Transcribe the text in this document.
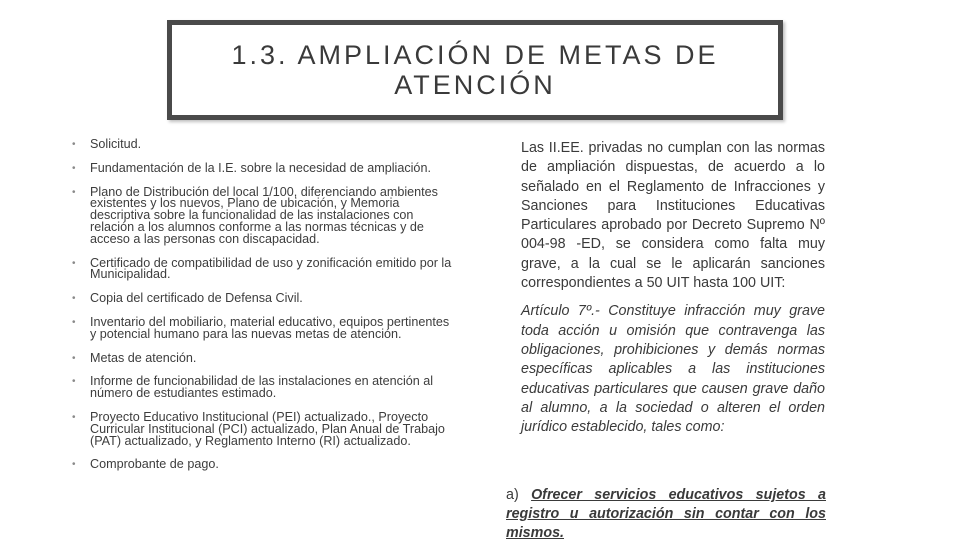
1.3. AMPLIACIÓN DE METAS DE ATENCIÓN
• Solicitud.
• Fundamentación de la I.E. sobre la necesidad de ampliación.
• Plano de Distribución del local 1/100, diferenciando ambientes existentes y los nuevos, Plano de ubicación, y Memoria descriptiva sobre la funcionalidad de las instalaciones con relación a los alumnos conforme a las normas técnicas y de acceso a las personas con discapacidad.
• Certificado de compatibilidad de uso y zonificación emitido por la Municipalidad.
• Copia del certificado de Defensa Civil.
• Inventario del mobiliario, material educativo, equipos pertinentes y potencial humano para las nuevas metas de atención.
• Metas de atención.
• Informe de funcionabilidad de las instalaciones en atención al número de estudiantes estimado.
• Proyecto Educativo Institucional (PEI) actualizado., Proyecto Curricular Institucional (PCI) actualizado, Plan Anual de Trabajo (PAT) actualizado, y Reglamento Interno (RI) actualizado.
• Comprobante de pago.

Las II.EE. privadas no cumplan con las normas de ampliación dispuestas, de acuerdo a lo señalado en el Reglamento de Infracciones y Sanciones para Instituciones Educativas Particulares aprobado por Decreto Supremo Nº 004-98 -ED, se considera como falta muy grave, a la cual se le aplicarán sanciones correspondientes a 50 UIT hasta 100 UIT:

Artículo 7º.- Constituye infracción muy grave toda acción u omisión que contravenga las obligaciones, prohibiciones y demás normas específicas aplicables a las instituciones educativas particulares que causen grave daño al alumno, a la sociedad o alteren el orden jurídico establecido, tales como:

a) Ofrecer servicios educativos sujetos a registro u autorización sin contar con los mismos.
